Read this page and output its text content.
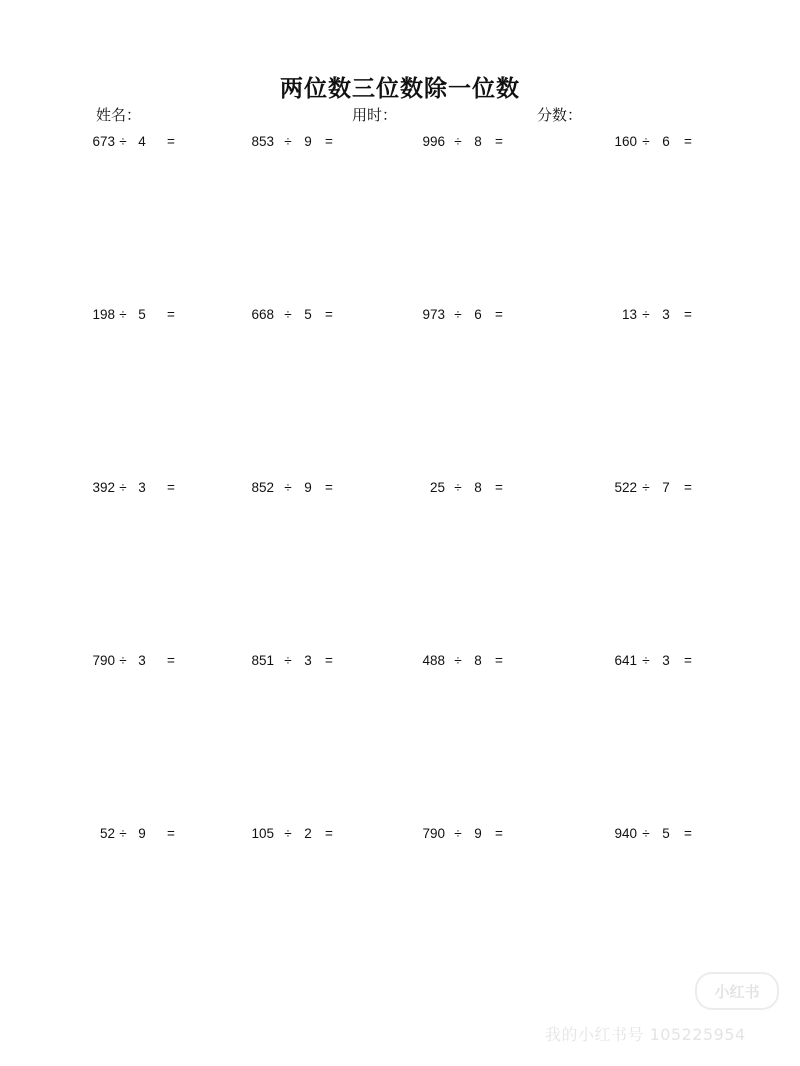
两位数三位数除一位数
姓名：	用时：	分数：
673 ÷ 4 =	853 ÷ 9 =	996 ÷ 8 =	160 ÷ 6 =
198 ÷ 5 =	668 ÷ 5 =	973 ÷ 6 =	13 ÷ 3 =
392 ÷ 3 =	852 ÷ 9 =	25 ÷ 8 =	522 ÷ 7 =
790 ÷ 3 =	851 ÷ 3 =	488 ÷ 8 =	641 ÷ 3 =
52 ÷ 9 =	105 ÷ 2 =	790 ÷ 9 =	940 ÷ 5 =
小红书
我的小红书号 105225954
